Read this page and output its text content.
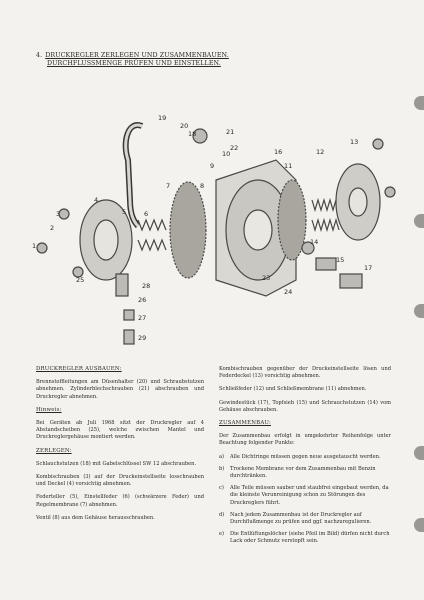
4. DRUCKREGLER ZERLEGEN UND ZUSAMMENBAUEN.
DURCHFLUSSMENGE PRÜFEN UND EINSTELLEN.
1
2
3
4
5	6
7	8
9
10
11
12
13
14
15
16
17
18
19
20
21
22
23
24
25
26
27
28
29
DRUCKREGLER AUSBAUEN:

Brennstoffleitungen am Düsenhalter (20) und Schraubstutzen abnehmen. Zylinderblechschrauben (21) abschrauben und Druckregler abnehmen.

Hinweis:

Bei Geräten ab Juli 1968 sitzt der Druckregler auf 4 Abstandscheiben (25), welche zwischen Mantel und Druckreglergehäuse montiert werden.

ZERLEGEN:

Schlauchstutzen (18) mit Gabelschlüssel SW 12 abschrauben.

Kombischrauben (3) auf der Druckeinstellseite losschrauben und Deckel (4) vorsichtig abnehmen.

Federteller (5), Einstellfeder (6) (schwärzere Feder) und Regelmembrane (7) abnehmen.

Ventil (8) aus dem Gehäuse herausschrauben.

Kombischrauben gegenüber der Druckeinstellseite lösen und Federdeckel (13) vorsichtig abnehmen.

Schließfeder (12) und Schließmembrane (11) abnehmen.

Gewindestück (17), Topfsieb (15) und Schrauchstutzen (14) vom Gehäuse abschrauben.

ZUSAMMENBAU:

Der Zusammenbau erfolgt in umgekehrter Reihenfolge unter Beachtung folgender Punkte:

a)	Alle Dichtringe müssen gegen neue ausgetauscht werden.
b)	Trockene Membrane vor dem Zusammenbau mit Benzin durchtränken.
c)	Alle Teile müssen sauber und staubfrei eingebaut werden, da die kleinste Verunreinigung schon zu Störungen des Druckreglers führt.
d)	Nach jedem Zusammenbau ist der Druckregler auf Durchflußmenge zu prüfen und ggf. nachzuregulieren.
e)	Die Entlüftungslöcher (siehe Pfeil im Bild) dürfen nicht durch Lack oder Schmutz verstopft sein.
